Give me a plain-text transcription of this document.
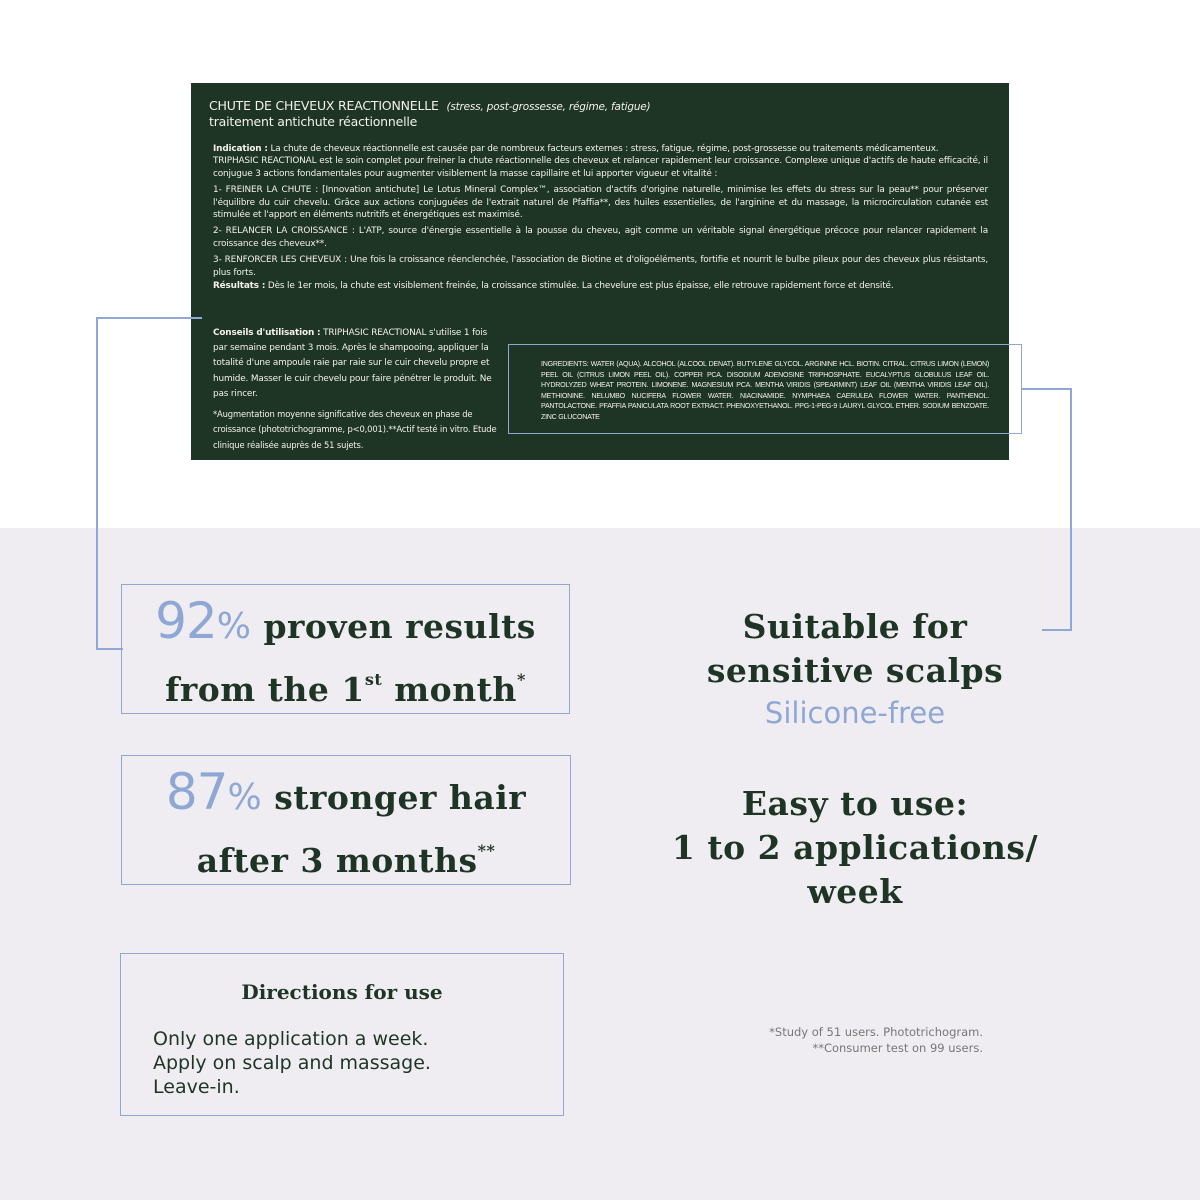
CHUTE DE CHEVEUX REACTIONNELLE (stress, post-grossesse, régime, fatigue)
traitement antichute réactionnelle

Indication : La chute de cheveux réactionnelle est causée par de nombreux facteurs externes : stress, fatigue, régime, post-grossesse ou traitements médicamenteux.
TRIPHASIC REACTIONAL est le soin complet pour freiner la chute réactionnelle des cheveux et relancer rapidement leur croissance. Complexe unique d'actifs de haute efficacité, il conjugue 3 actions fondamentales pour augmenter visiblement la masse capillaire et lui apporter vigueur et vitalité :

1- FREINER LA CHUTE : [Innovation antichute] Le Lotus Mineral Complex™, association d'actifs d'origine naturelle, minimise les effets du stress sur la peau** pour préserver l'équilibre du cuir chevelu. Grâce aux actions conjuguées de l'extrait naturel de Pfaffia**, des huiles essentielles, de l'arginine et du massage, la microcirculation cutanée est stimulée et l'apport en éléments nutritifs et énergétiques est maximisé.

2- RELANCER LA CROISSANCE : L'ATP, source d'énergie essentielle à la pousse du cheveu, agit comme un véritable signal énergétique précoce pour relancer rapidement la croissance des cheveux**.

3- RENFORCER LES CHEVEUX : Une fois la croissance réenclenchée, l'association de Biotine et d'oligoéléments, fortifie et nourrit le bulbe pileux pour des cheveux plus résistants, plus forts.

Résultats : Dès le 1er mois, la chute est visiblement freinée, la croissance stimulée. La chevelure est plus épaisse, elle retrouve rapidement force et densité.

Conseils d'utilisation : TRIPHASIC REACTIONAL s'utilise 1 fois par semaine pendant 3 mois. Après le shampooing, appliquer la totalité d'une ampoule raie par raie sur le cuir chevelu propre et humide. Masser le cuir chevelu pour faire pénétrer le produit. Ne pas rincer.
*Augmentation moyenne significative des cheveux en phase de croissance (phototrichogramme, p<0,001).**Actif testé in vitro. Etude clinique réalisée auprès de 51 sujets.
INGREDIENTS: WATER (AQUA). ALCOHOL (ALCOOL DENAT). BUTYLENE GLYCOL. ARGININE HCL. BIOTIN. CITRAL. CITRUS LIMON (LEMON) PEEL OIL (CITRUS LIMON PEEL OIL). COPPER PCA. DISODIUM ADENOSINE TRIPHOSPHATE. EUCALYPTUS GLOBULUS LEAF OIL. HYDROLYZED WHEAT PROTEIN. LIMONENE. MAGNESIUM PCA. MENTHA VIRIDIS (SPEARMINT) LEAF OIL (MENTHA VIRIDIS LEAF OIL). METHIONINE. NELUMBO NUCIFERA FLOWER WATER. NIACINAMIDE. NYMPHAEA CAERULEA FLOWER WATER. PANTHENOL. PANTOLACTONE. PFAFFIA PANICULATA ROOT EXTRACT. PHENOXYETHANOL. PPG-1-PEG-9 LAURYL GLYCOL ETHER. SODIUM BENZOATE. ZINC GLUCONATE
92% proven results
from the 1st month*
87% stronger hair
after 3 months**
Suitable for
sensitive scalps
Silicone-free
Easy to use:
1 to 2 applications/
week
Directions for use
Only one application a week.
Apply on scalp and massage.
Leave-in.
*Study of 51 users. Phototrichogram.
**Consumer test on 99 users.
